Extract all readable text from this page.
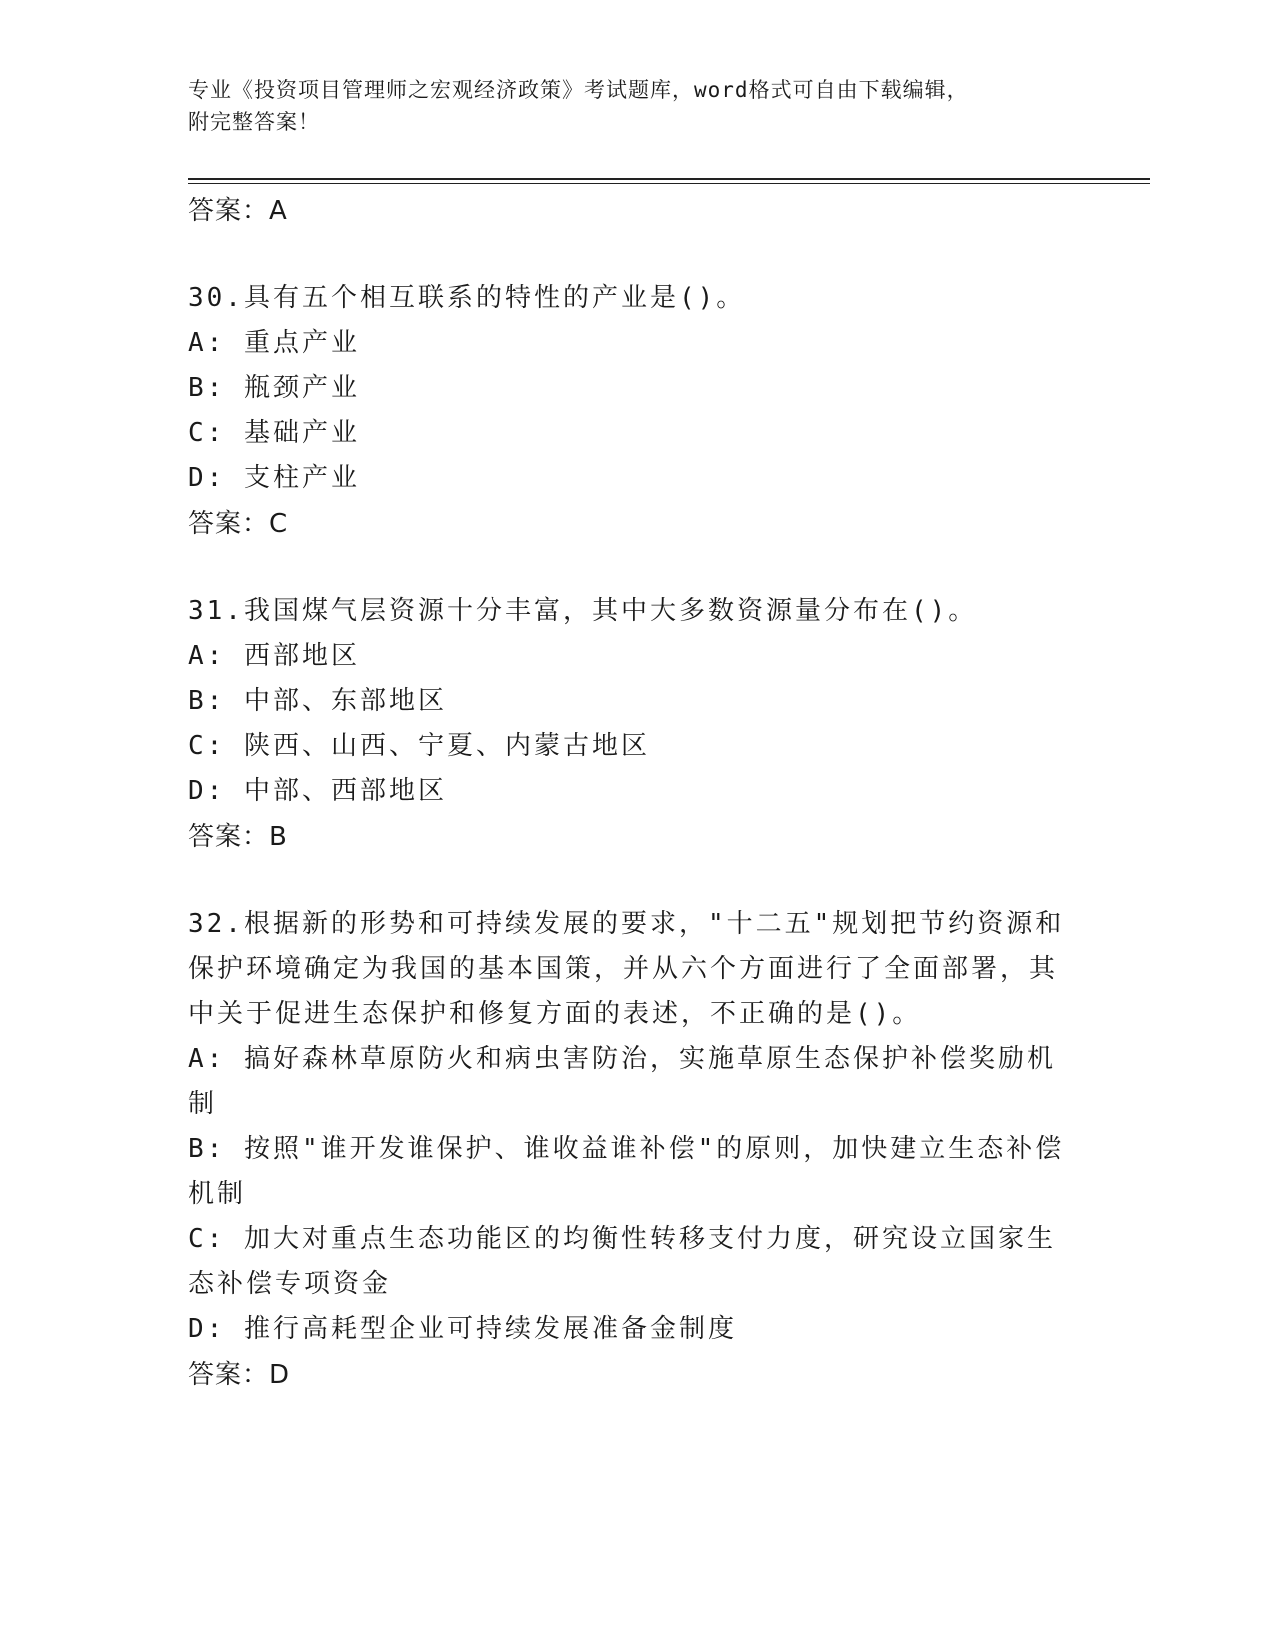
专业《投资项目管理师之宏观经济政策》考试题库，word格式可自由下载编辑，
附完整答案！

答案：A

30.具有五个相互联系的特性的产业是()。

A: 重点产业

B: 瓶颈产业

C: 基础产业

D: 支柱产业

答案：C

31.我国煤气层资源十分丰富，其中大多数资源量分布在()。

A: 西部地区

B: 中部、东部地区

C: 陕西、山西、宁夏、内蒙古地区

D: 中部、西部地区

答案：B

32.根据新的形势和可持续发展的要求，"十二五"规划把节约资源和保护环境确定为我国的基本国策，并从六个方面进行了全面部署，其中关于促进生态保护和修复方面的表述，不正确的是()。

A: 搞好森林草原防火和病虫害防治，实施草原生态保护补偿奖励机制

B: 按照"谁开发谁保护、谁收益谁补偿"的原则，加快建立生态补偿机制

C: 加大对重点生态功能区的均衡性转移支付力度，研究设立国家生态补偿专项资金

D: 推行高耗型企业可持续发展准备金制度

答案：D
